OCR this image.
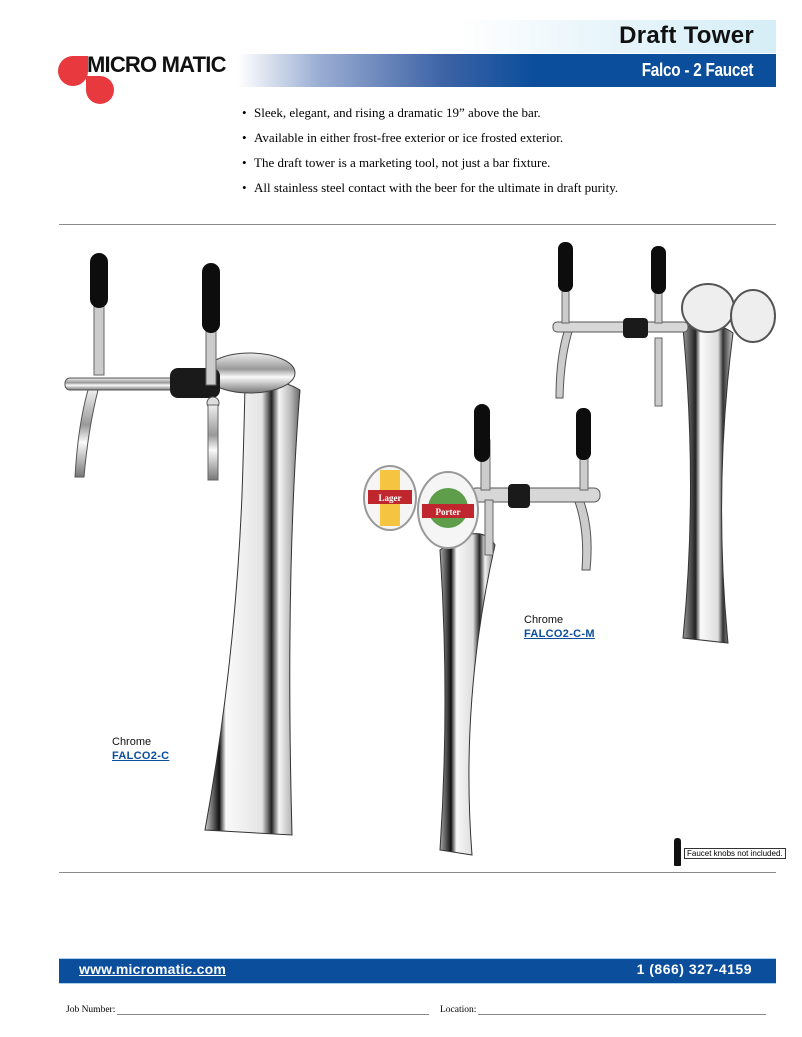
MICRO MATIC
Draft Tower
Falco - 2 Faucet
• Sleek, elegant, and rising a dramatic 19” above the bar.
• Available in either frost-free exterior or ice frosted exterior.
• The draft tower is a marketing tool, not just a bar fixture.
• All stainless steel contact with the beer for the ultimate in draft purity.
Lager
Porter
Chrome
FALCO2-C
Chrome
FALCO2-C-M
Faucet knobs not included.
www.micromatic.com	1 (866) 327-4159
Job Number:	Location:
